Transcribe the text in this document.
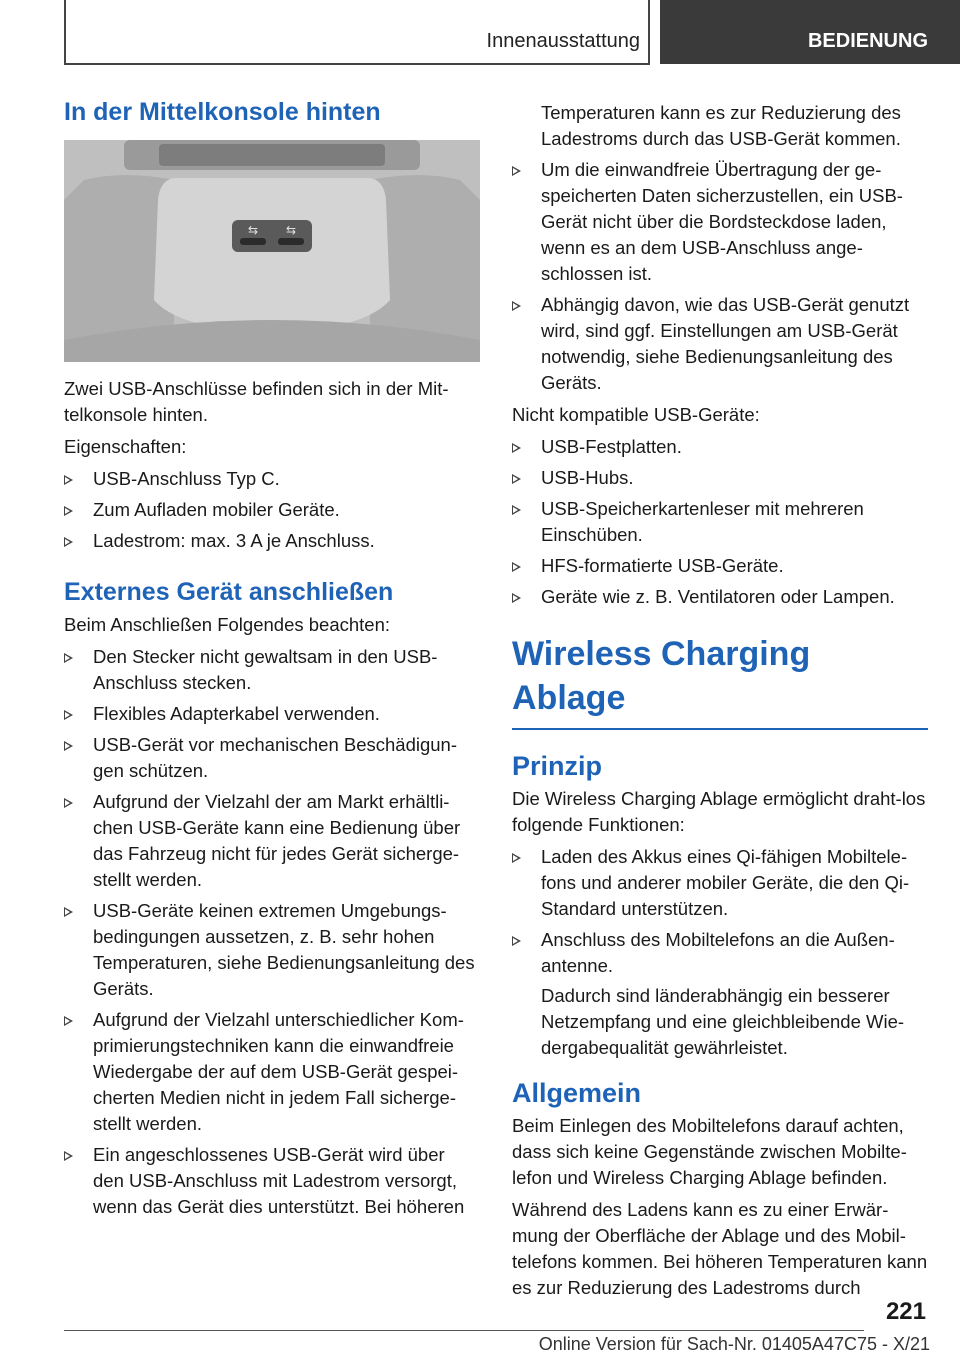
Innenausstattung	BEDIENUNG
In der Mittelkonsole hinten
⇆ ⇆

Zwei USB-Anschlüsse befinden sich in der Mit-telkonsole hinten.

Eigenschaften:

USB-Anschluss Typ C.
Zum Aufladen mobiler Geräte.
Ladestrom: max. 3 A je Anschluss.
Externes Gerät anschließen

Beim Anschließen Folgendes beachten:

Den Stecker nicht gewaltsam in den USB-Anschluss stecken.
Flexibles Adapterkabel verwenden.
USB-Gerät vor mechanischen Beschädigun-gen schützen.
Aufgrund der Vielzahl der am Markt erhältli-chen USB-Geräte kann eine Bedienung über das Fahrzeug nicht für jedes Gerät sicherge-stellt werden.
USB-Geräte keinen extremen Umgebungs-bedingungen aussetzen, z. B. sehr hohen Temperaturen, siehe Bedienungsanleitung des Geräts.
Aufgrund der Vielzahl unterschiedlicher Kom-primierungstechniken kann die einwandfreie Wiedergabe der auf dem USB-Gerät gespei-cherten Medien nicht in jedem Fall sicherge-stellt werden.
Ein angeschlossenes USB-Gerät wird über den USB-Anschluss mit Ladestrom versorgt, wenn das Gerät dies unterstützt. Bei höheren
Temperaturen kann es zur Reduzierung des Ladestroms durch das USB-Gerät kommen.
Um die einwandfreie Übertragung der ge-speicherten Daten sicherzustellen, ein USB-Gerät nicht über die Bordsteckdose laden, wenn es an dem USB-Anschluss ange-schlossen ist.
Abhängig davon, wie das USB-Gerät genutzt wird, sind ggf. Einstellungen am USB-Gerät notwendig, siehe Bedienungsanleitung des Geräts.

Nicht kompatible USB-Geräte:

USB-Festplatten.
USB-Hubs.
USB-Speicherkartenleser mit mehreren Einschüben.
HFS-formatierte USB-Geräte.
Geräte wie z. B. Ventilatoren oder Lampen.
Wireless Charging Ablage
Prinzip

Die Wireless Charging Ablage ermöglicht draht-los folgende Funktionen:

Laden des Akkus eines Qi-fähigen Mobiltele-fons und anderer mobiler Geräte, die den Qi-Standard unterstützen.
Anschluss des Mobiltelefons an die Außen-antenne.
Dadurch sind länderabhängig ein besserer Netzempfang und eine gleichbleibende Wie-dergabequalität gewährleistet.
Allgemein

Beim Einlegen des Mobiltelefons darauf achten, dass sich keine Gegenstände zwischen Mobilte-lefon und Wireless Charging Ablage befinden.

Während des Ladens kann es zu einer Erwär-mung der Oberfläche der Ablage und des Mobil-telefons kommen. Bei höheren Temperaturen kann es zur Reduzierung des Ladestroms durch

221
Online Version für Sach-Nr. 01405A47C75 - X/21
